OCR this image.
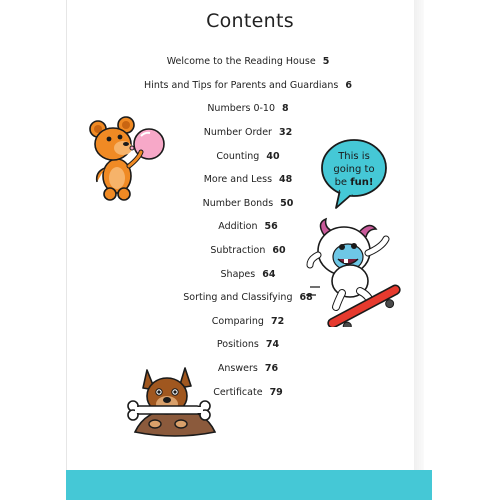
Contents
Welcome to the Reading House 5
Hints and Tips for Parents and Guardians 6
Numbers 0-10 8
Number Order 32
Counting 40
More and Less 48
Number Bonds 50
Addition 56
Subtraction 60
Shapes 64
Sorting and Classifying 68
Comparing 72
Positions 74
Answers 76
Certificate 79
This is
going to
be fun!
